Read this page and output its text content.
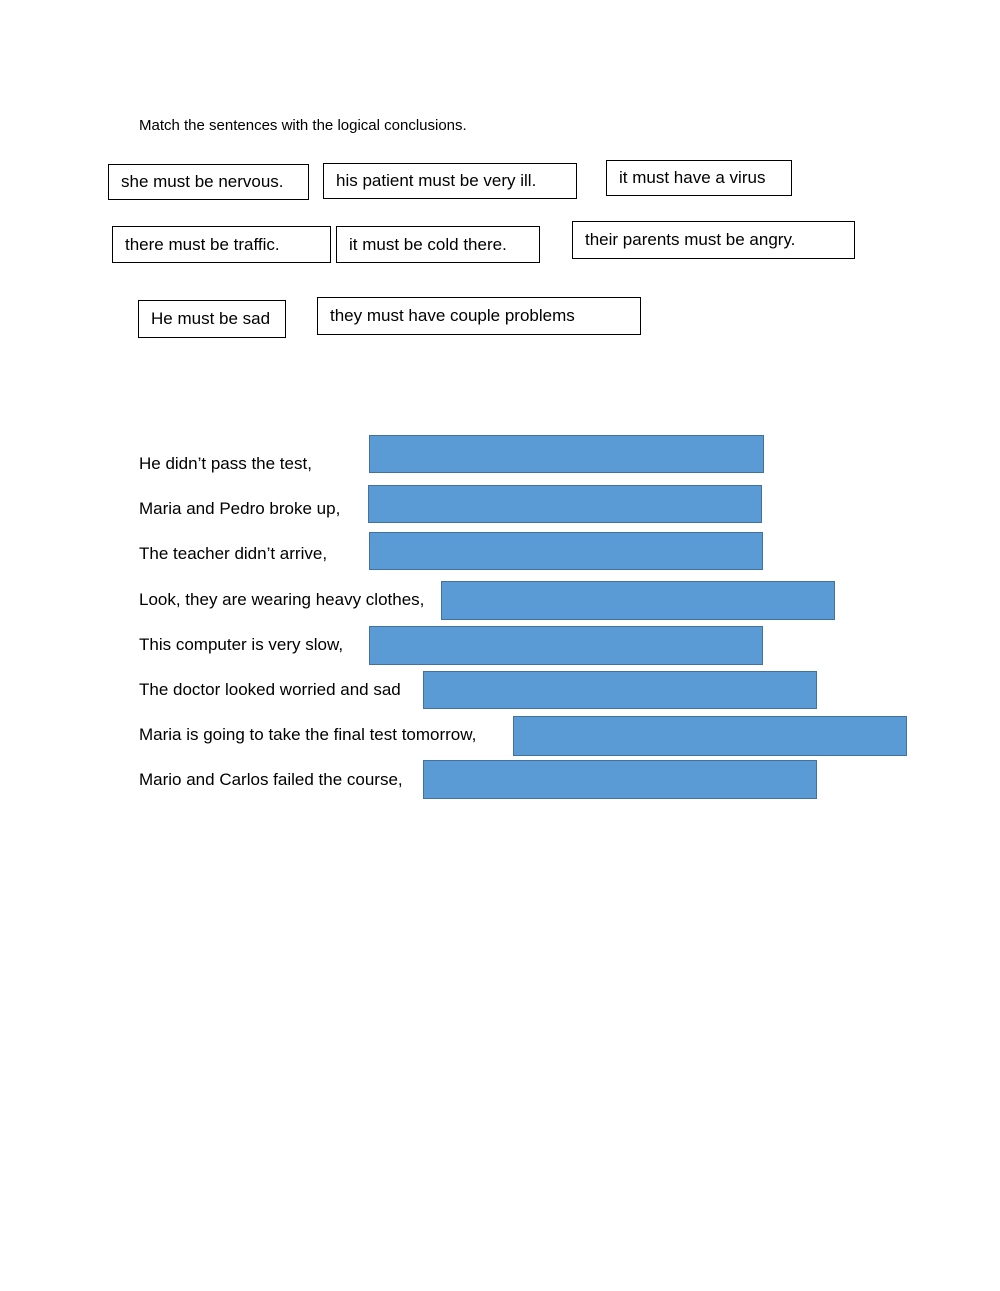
Match the sentences with the logical conclusions.
she must be nervous.	his patient must be very ill.	it must have a virus
there must be traffic.	it must be cold there.	their parents must be angry.
He must be sad	they must have couple problems
He didn’t pass the test,
Maria and Pedro broke up,
The teacher didn’t arrive,
Look, they are wearing heavy clothes,
This computer is very slow,
The doctor looked worried and sad
Maria is going to take the final test tomorrow,
Mario and Carlos failed the course,
